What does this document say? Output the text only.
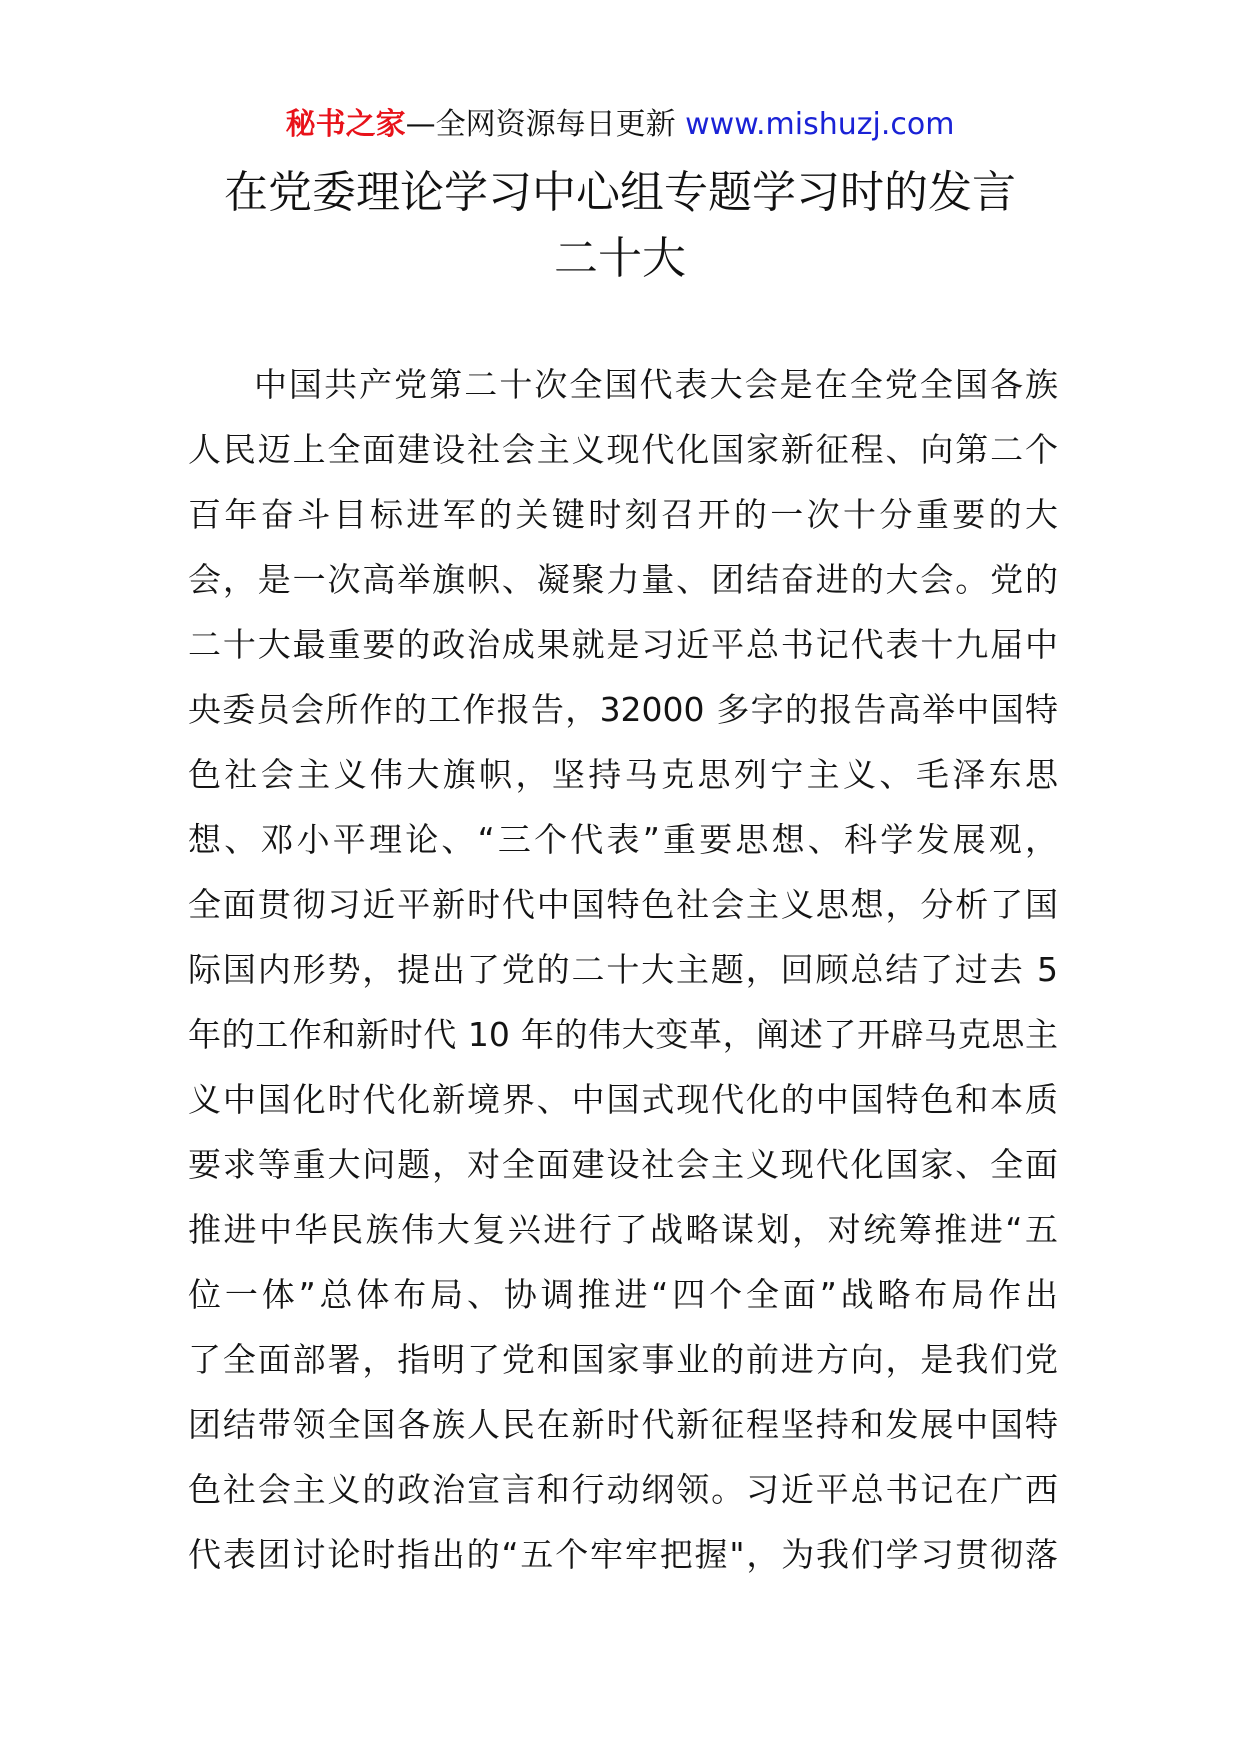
秘书之家—全网资源每日更新 www.mishuzj.com
在党委理论学习中心组专题学习时的发言
二十大
中国共产党第二十次全国代表大会是在全党全国各族
人民迈上全面建设社会主义现代化国家新征程、向第二个
百年奋斗目标进军的关键时刻召开的一次十分重要的大
会，是一次高举旗帜、凝聚力量、团结奋进的大会。党的
二十大最重要的政治成果就是习近平总书记代表十九届中
央委员会所作的工作报告，32000 多字的报告高举中国特
色社会主义伟大旗帜，坚持马克思列宁主义、毛泽东思
想、邓小平理论、“三个代表”重要思想、科学发展观，
全面贯彻习近平新时代中国特色社会主义思想，分析了国
际国内形势，提出了党的二十大主题，回顾总结了过去 5
年的工作和新时代 10 年的伟大变革，阐述了开辟马克思主
义中国化时代化新境界、中国式现代化的中国特色和本质
要求等重大问题，对全面建设社会主义现代化国家、全面
推进中华民族伟大复兴进行了战略谋划，对统筹推进“五
位一体”总体布局、协调推进“四个全面”战略布局作出
了全面部署，指明了党和国家事业的前进方向，是我们党
团结带领全国各族人民在新时代新征程坚持和发展中国特
色社会主义的政治宣言和行动纲领。习近平总书记在广西
代表团讨论时指出的“五个牢牢把握"，为我们学习贯彻落
